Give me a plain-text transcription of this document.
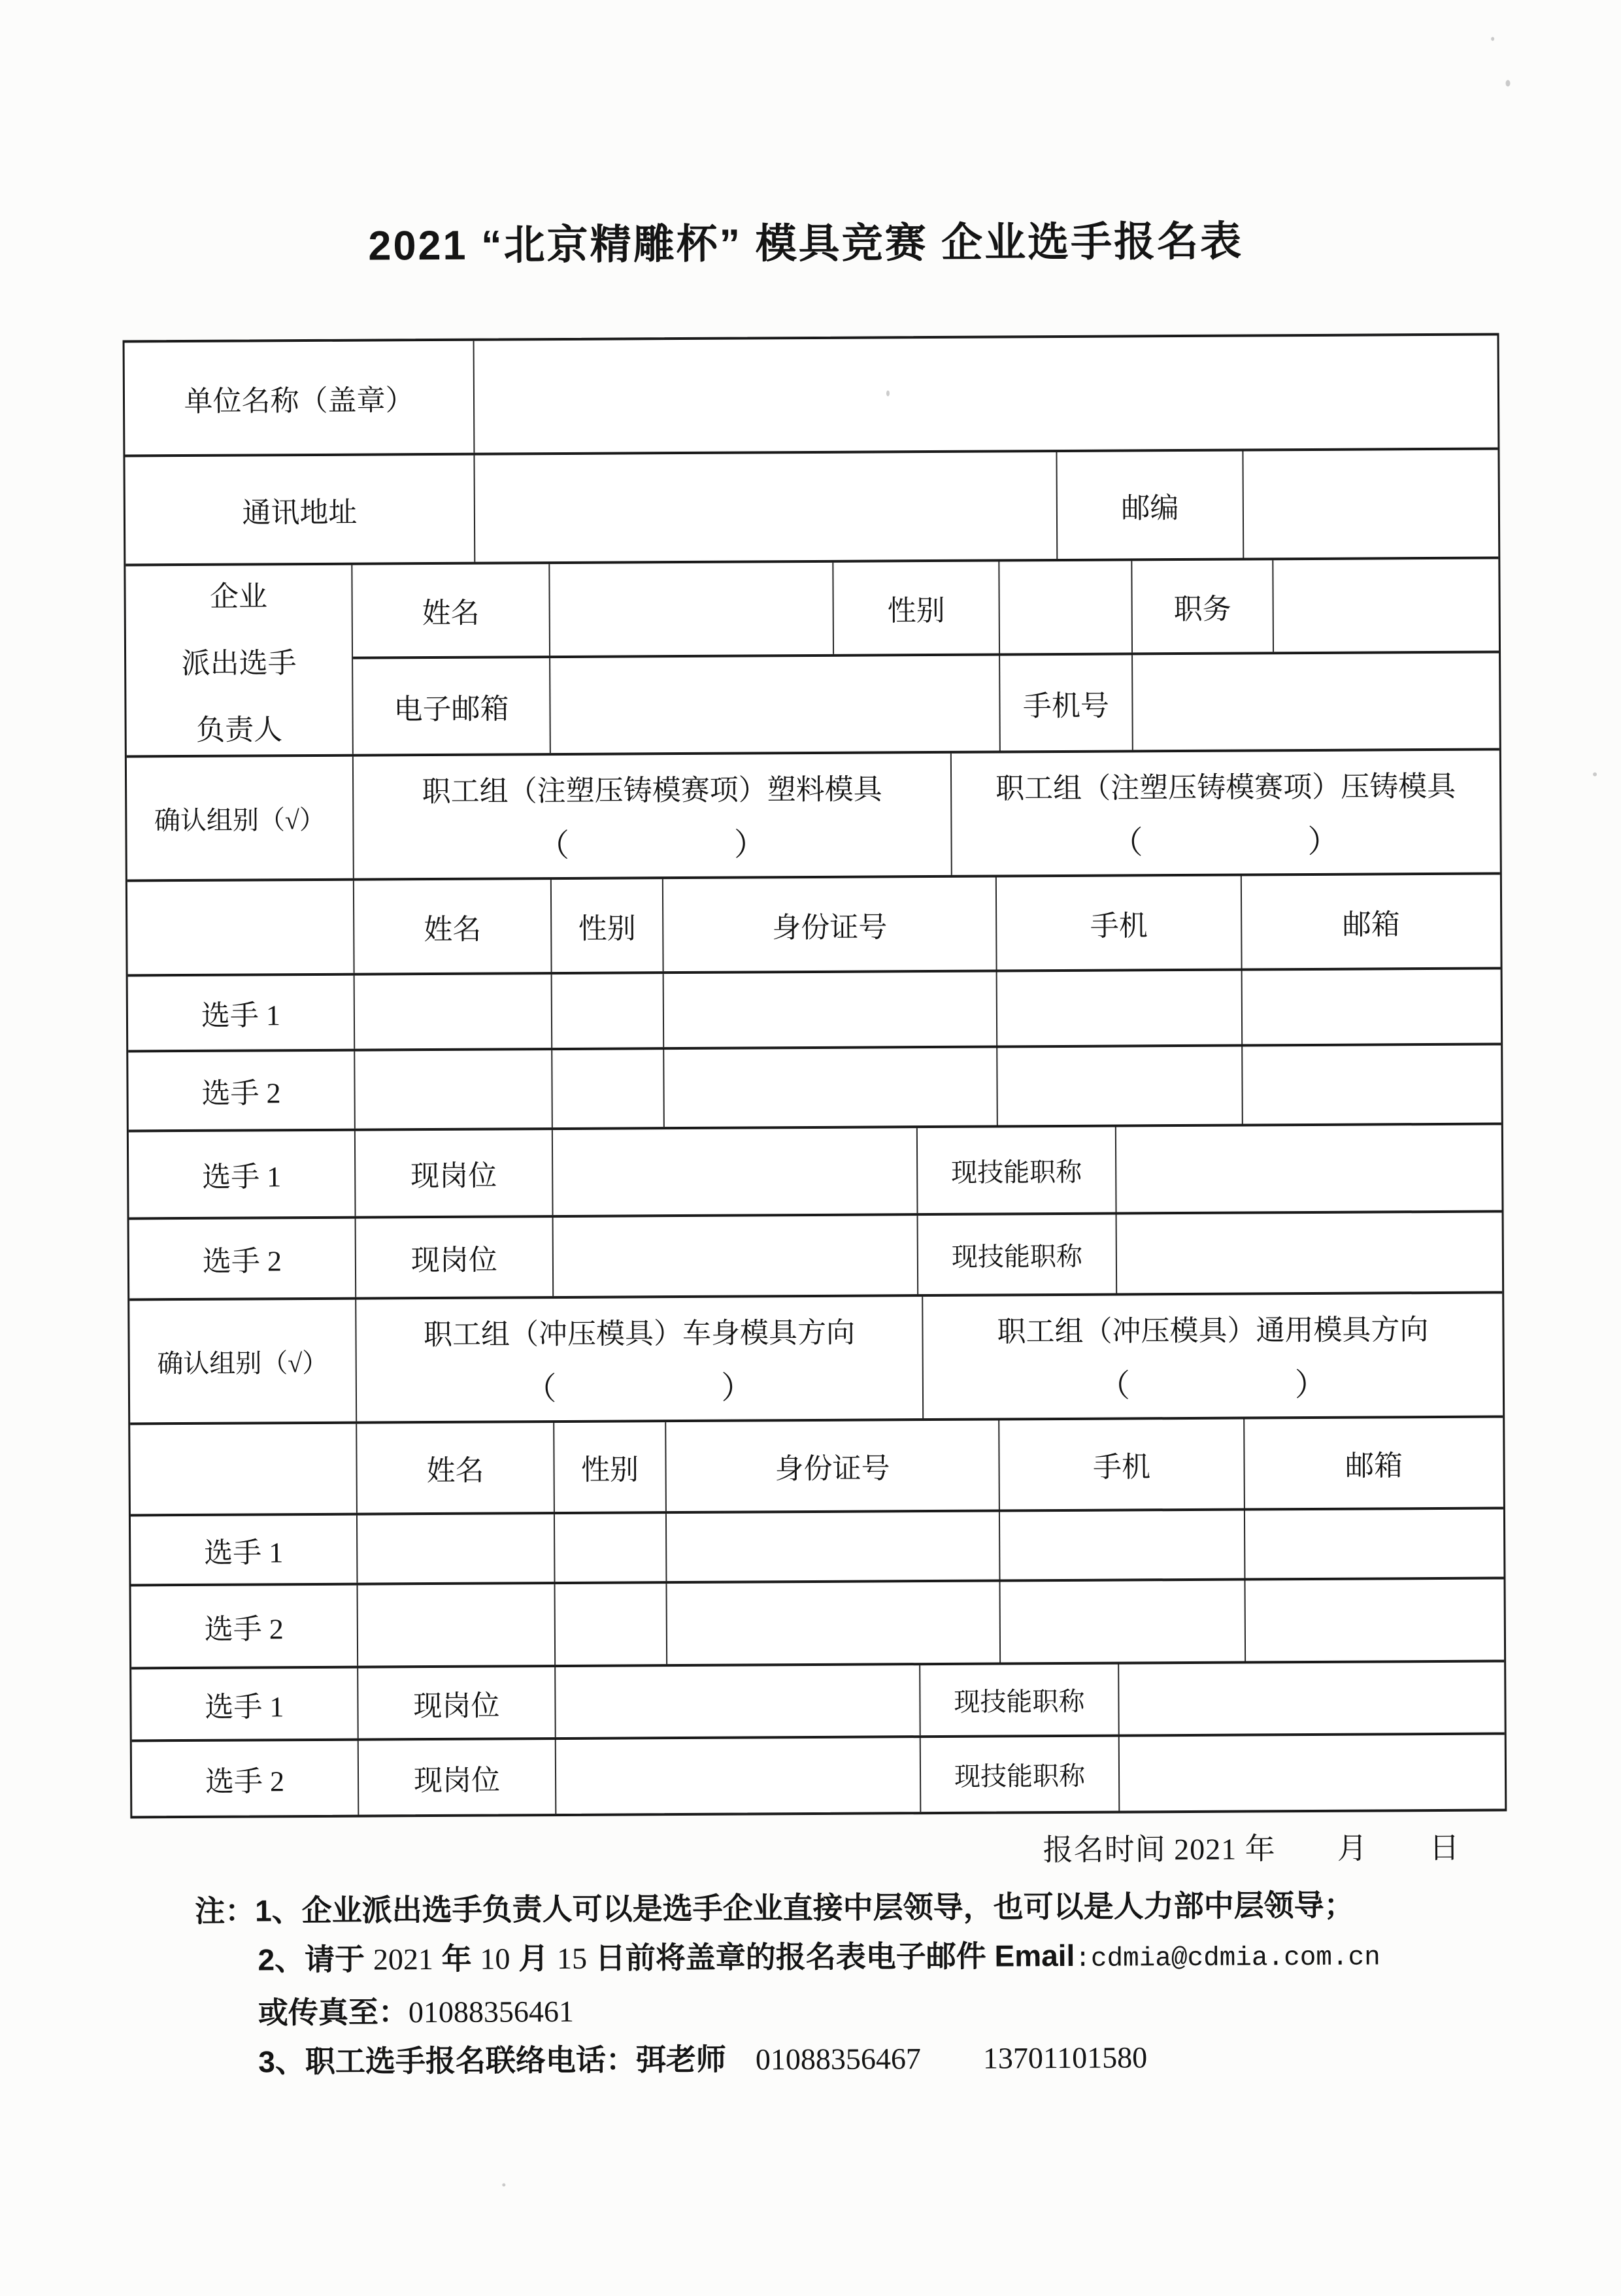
2021 “北京精雕杯” 模具竞赛 企业选手报名表
单位名称（盖章）
通讯地址	邮编
企业
派出选手
负责人
姓名	性别	职务
电子邮箱	手机号
确认组别（√）
职工组（注塑压铸模赛项）塑料模具
（　　　　　）
职工组（注塑压铸模赛项）压铸模具
（　　　　　）
姓名	性别	身份证号	手机	邮箱
选手 1
选手 2
选手 1	现岗位	现技能职称
选手 2	现岗位	现技能职称
确认组别（√）
职工组（冲压模具）车身模具方向
（　　　　　）
职工组（冲压模具）通用模具方向
（　　　　　）
姓名	性别	身份证号	手机	邮箱
选手 1
选手 2
选手 1	现岗位	现技能职称
选手 2	现岗位	现技能职称
报名时间 2021 年　　月　　日
注：1、企业派出选手负责人可以是选手企业直接中层领导，也可以是人力部中层领导；
2、请于 2021 年 10 月 15 日前将盖章的报名表电子邮件 Email:cdmia@cdmia.com.cn
或传真至：01088356461
3、职工选手报名联络电话：弭老师 01088356467 13701101580
